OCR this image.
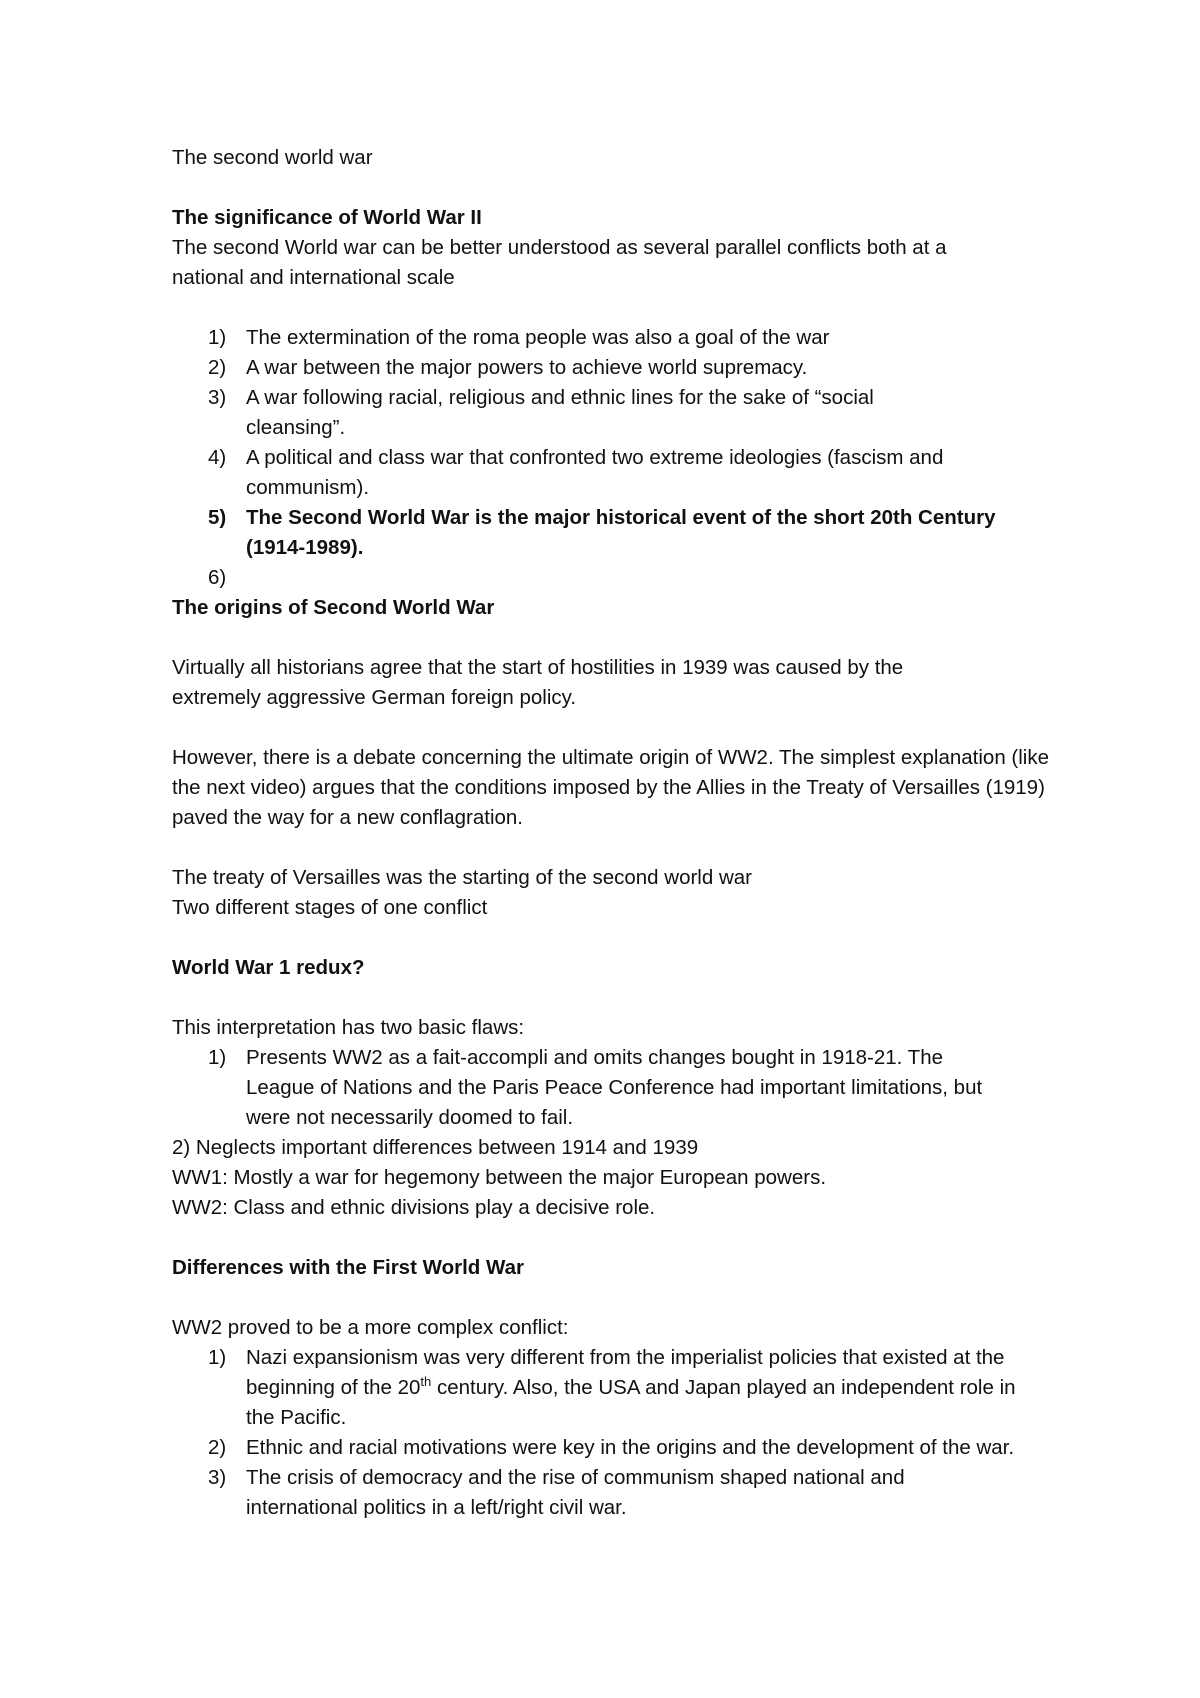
The second world war
The significance of World War II
The second World war can be better understood as several parallel conflicts both at a national and international scale
1) The extermination of the roma people was also a goal of the war
2) A war between the major powers to achieve world supremacy.
3) A war following racial, religious and ethnic lines for the sake of “social cleansing”.
4) A political and class war that confronted two extreme ideologies (fascism and communism).
5) The Second World War is the major historical event of the short 20th Century (1914-1989).
6)
The origins of Second World War
Virtually all historians agree that the start of hostilities in 1939 was caused by the extremely aggressive German foreign policy.
However, there is a debate concerning the ultimate origin of WW2. The simplest explanation (like the next video) argues that the conditions imposed by the Allies in the Treaty of Versailles (1919) paved the way for a new conflagration.
The treaty of Versailles was the starting of the second world war
Two different stages of one conflict
World War 1 redux?
This interpretation has two basic flaws:
1) Presents WW2 as a fait-accompli and omits changes bought in 1918-21. The League of Nations and the Paris Peace Conference had important limitations, but were not necessarily doomed to fail.
2) Neglects important differences between 1914 and 1939
WW1: Mostly a war for hegemony between the major European powers.
WW2: Class and ethnic divisions play a decisive role.
Differences with the First World War
WW2 proved to be a more complex conflict:
1) Nazi expansionism was very different from the imperialist policies that existed at the beginning of the 20th century. Also, the USA and Japan played an independent role in the Pacific.
2) Ethnic and racial motivations were key in the origins and the development of the war.
3) The crisis of democracy and the rise of communism shaped national and international politics in a left/right civil war.
